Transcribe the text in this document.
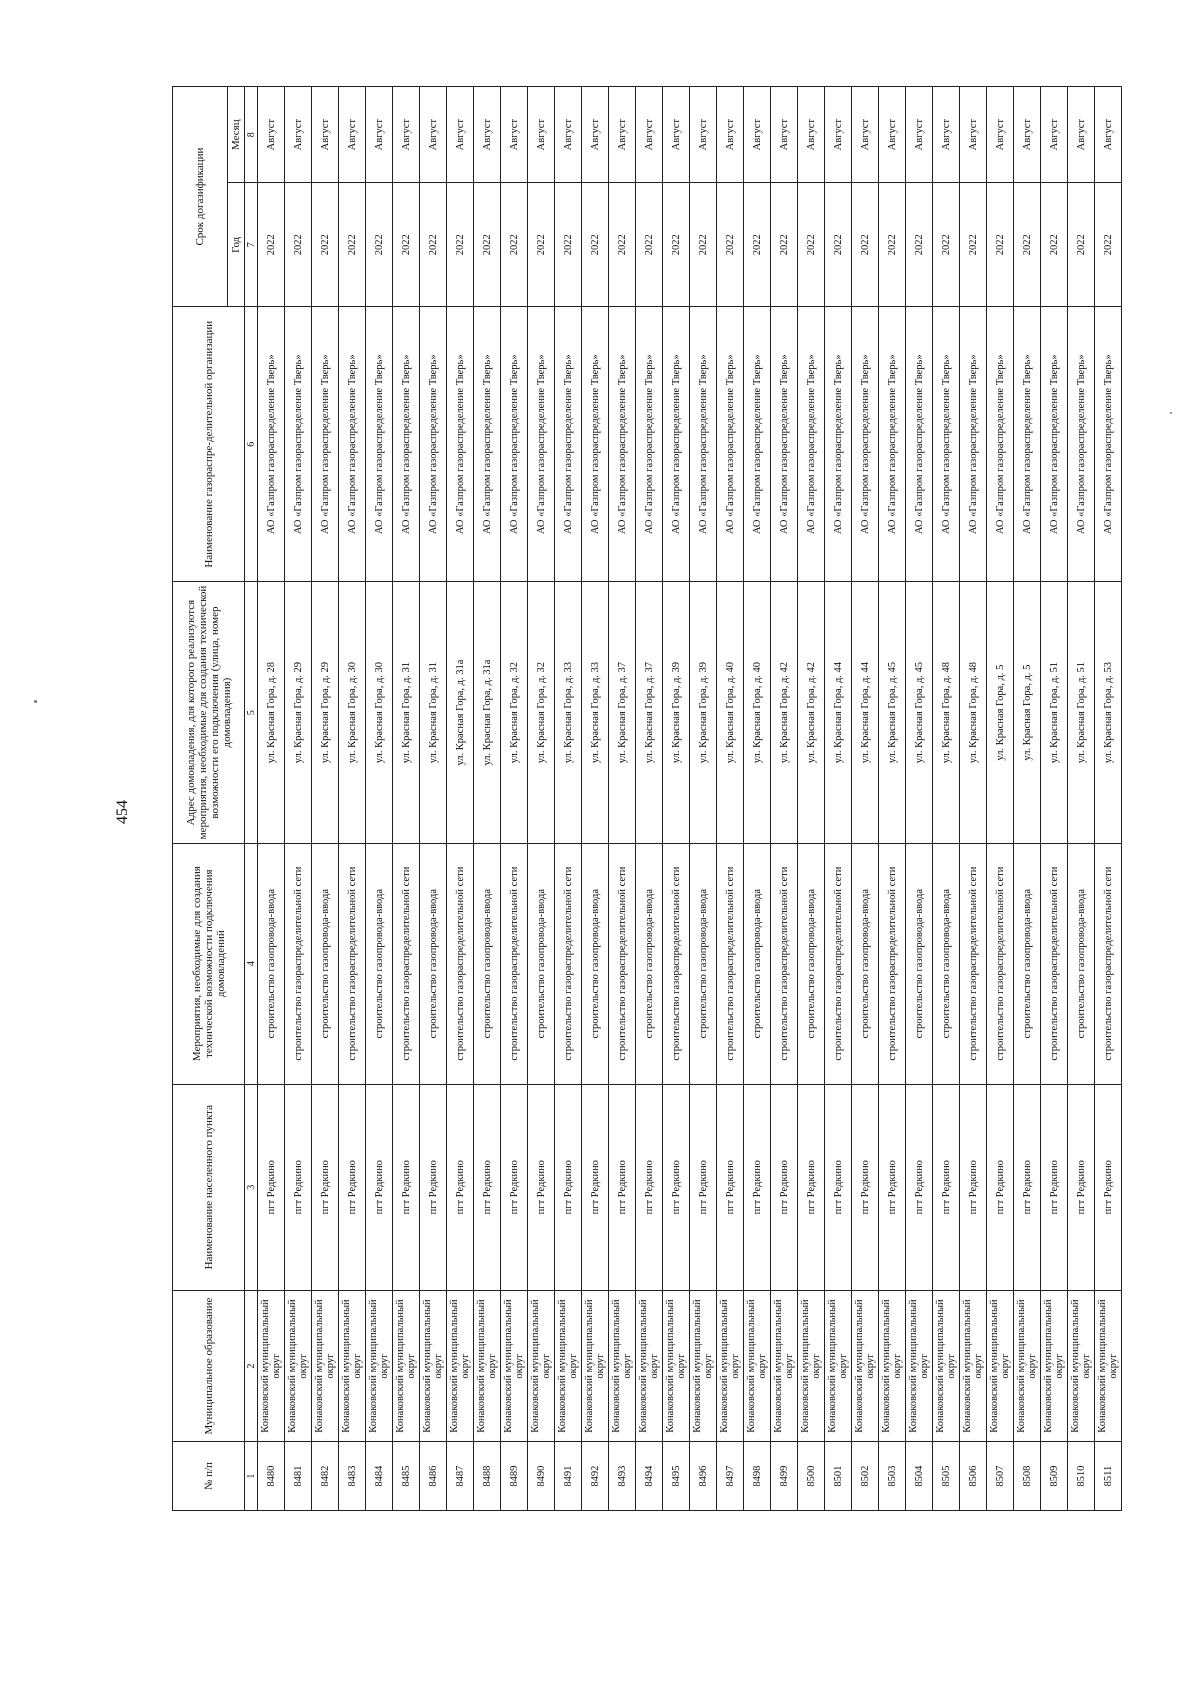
454
№ п/п	Муниципальное образование	Наименование населенного пункта	Мероприятия, необходимые для создания технической возможности подключения домовладений	Адрес домовладения, для которого реализуются мероприятия, необходимые для создания технической возможности его подключения (улица, номер домовладения)	Наименование газораспре-делительной организации	Срок догазификации	
						Год	Месяц
1	2	3	4	5	6	7	8
8480	Конаковский муниципальный округ	пгт Редкино	строительство газопровода-ввода	ул. Красная Гора, д. 28	АО «Газпром газораспределение Тверь»	2022	Август
8481	Конаковский муниципальный округ	пгт Редкино	строительство газораспределительной сети	ул. Красная Гора, д. 29	АО «Газпром газораспределение Тверь»	2022	Август
8482	Конаковский муниципальный округ	пгт Редкино	строительство газопровода-ввода	ул. Красная Гора, д. 29	АО «Газпром газораспределение Тверь»	2022	Август
8483	Конаковский муниципальный округ	пгт Редкино	строительство газораспределительной сети	ул. Красная Гора, д. 30	АО «Газпром газораспределение Тверь»	2022	Август
8484	Конаковский муниципальный округ	пгт Редкино	строительство газопровода-ввода	ул. Красная Гора, д. 30	АО «Газпром газораспределение Тверь»	2022	Август
8485	Конаковский муниципальный округ	пгт Редкино	строительство газораспределительной сети	ул. Красная Гора, д. 31	АО «Газпром газораспределение Тверь»	2022	Август
8486	Конаковский муниципальный округ	пгт Редкино	строительство газопровода-ввода	ул. Красная Гора, д. 31	АО «Газпром газораспределение Тверь»	2022	Август
8487	Конаковский муниципальный округ	пгт Редкино	строительство газораспределительной сети	ул. Красная Гора, д. 31а	АО «Газпром газораспределение Тверь»	2022	Август
8488	Конаковский муниципальный округ	пгт Редкино	строительство газопровода-ввода	ул. Красная Гора, д. 31а	АО «Газпром газораспределение Тверь»	2022	Август
8489	Конаковский муниципальный округ	пгт Редкино	строительство газораспределительной сети	ул. Красная Гора, д. 32	АО «Газпром газораспределение Тверь»	2022	Август
8490	Конаковский муниципальный округ	пгт Редкино	строительство газопровода-ввода	ул. Красная Гора, д. 32	АО «Газпром газораспределение Тверь»	2022	Август
8491	Конаковский муниципальный округ	пгт Редкино	строительство газораспределительной сети	ул. Красная Гора, д. 33	АО «Газпром газораспределение Тверь»	2022	Август
8492	Конаковский муниципальный округ	пгт Редкино	строительство газопровода-ввода	ул. Красная Гора, д. 33	АО «Газпром газораспределение Тверь»	2022	Август
8493	Конаковский муниципальный округ	пгт Редкино	строительство газораспределительной сети	ул. Красная Гора, д. 37	АО «Газпром газораспределение Тверь»	2022	Август
8494	Конаковский муниципальный округ	пгт Редкино	строительство газопровода-ввода	ул. Красная Гора, д. 37	АО «Газпром газораспределение Тверь»	2022	Август
8495	Конаковский муниципальный округ	пгт Редкино	строительство газораспределительной сети	ул. Красная Гора, д. 39	АО «Газпром газораспределение Тверь»	2022	Август
8496	Конаковский муниципальный округ	пгт Редкино	строительство газопровода-ввода	ул. Красная Гора, д. 39	АО «Газпром газораспределение Тверь»	2022	Август
8497	Конаковский муниципальный округ	пгт Редкино	строительство газораспределительной сети	ул. Красная Гора, д. 40	АО «Газпром газораспределение Тверь»	2022	Август
8498	Конаковский муниципальный округ	пгт Редкино	строительство газопровода-ввода	ул. Красная Гора, д. 40	АО «Газпром газораспределение Тверь»	2022	Август
8499	Конаковский муниципальный округ	пгт Редкино	строительство газораспределительной сети	ул. Красная Гора, д. 42	АО «Газпром газораспределение Тверь»	2022	Август
8500	Конаковский муниципальный округ	пгт Редкино	строительство газопровода-ввода	ул. Красная Гора, д. 42	АО «Газпром газораспределение Тверь»	2022	Август
8501	Конаковский муниципальный округ	пгт Редкино	строительство газораспределительной сети	ул. Красная Гора, д. 44	АО «Газпром газораспределение Тверь»	2022	Август
8502	Конаковский муниципальный округ	пгт Редкино	строительство газопровода-ввода	ул. Красная Гора, д. 44	АО «Газпром газораспределение Тверь»	2022	Август
8503	Конаковский муниципальный округ	пгт Редкино	строительство газораспределительной сети	ул. Красная Гора, д. 45	АО «Газпром газораспределение Тверь»	2022	Август
8504	Конаковский муниципальный округ	пгт Редкино	строительство газопровода-ввода	ул. Красная Гора, д. 45	АО «Газпром газораспределение Тверь»	2022	Август
8505	Конаковский муниципальный округ	пгт Редкино	строительство газопровода-ввода	ул. Красная Гора, д. 48	АО «Газпром газораспределение Тверь»	2022	Август
8506	Конаковский муниципальный округ	пгт Редкино	строительство газораспределительной сети	ул. Красная Гора, д. 48	АО «Газпром газораспределение Тверь»	2022	Август
8507	Конаковский муниципальный округ	пгт Редкино	строительство газораспределительной сети	ул. Красная Гора, д. 5	АО «Газпром газораспределение Тверь»	2022	Август
8508	Конаковский муниципальный округ	пгт Редкино	строительство газопровода-ввода	ул. Красная Гора, д. 5	АО «Газпром газораспределение Тверь»	2022	Август
8509	Конаковский муниципальный округ	пгт Редкино	строительство газораспределительной сети	ул. Красная Гора, д. 51	АО «Газпром газораспределение Тверь»	2022	Август
8510	Конаковский муниципальный округ	пгт Редкино	строительство газопровода-ввода	ул. Красная Гора, д. 51	АО «Газпром газораспределение Тверь»	2022	Август
8511	Конаковский муниципальный округ	пгт Редкино	строительство газораспределительной сети	ул. Красная Гора, д. 53	АО «Газпром газораспределение Тверь»	2022	Август
